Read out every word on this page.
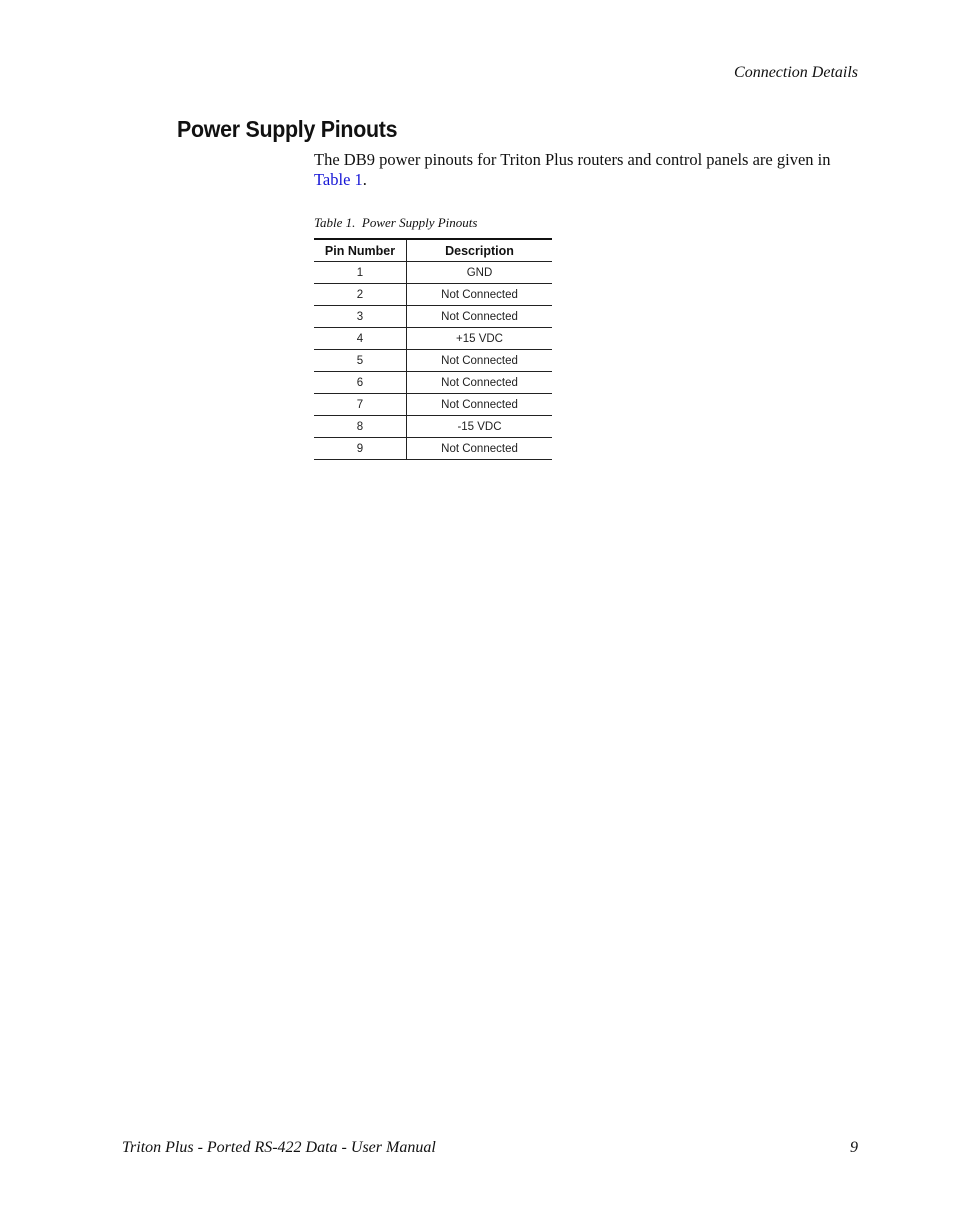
Connection Details
Power Supply Pinouts

The DB9 power pinouts for Triton Plus routers and control panels are given in Table 1.

Table 1.  Power Supply Pinouts
Pin Number	Description
1	GND
2	Not Connected
3	Not Connected
4	+15 VDC
5	Not Connected
6	Not Connected
7	Not Connected
8	-15 VDC
9	Not Connected
Triton Plus - Ported RS-422 Data - User Manual	9
